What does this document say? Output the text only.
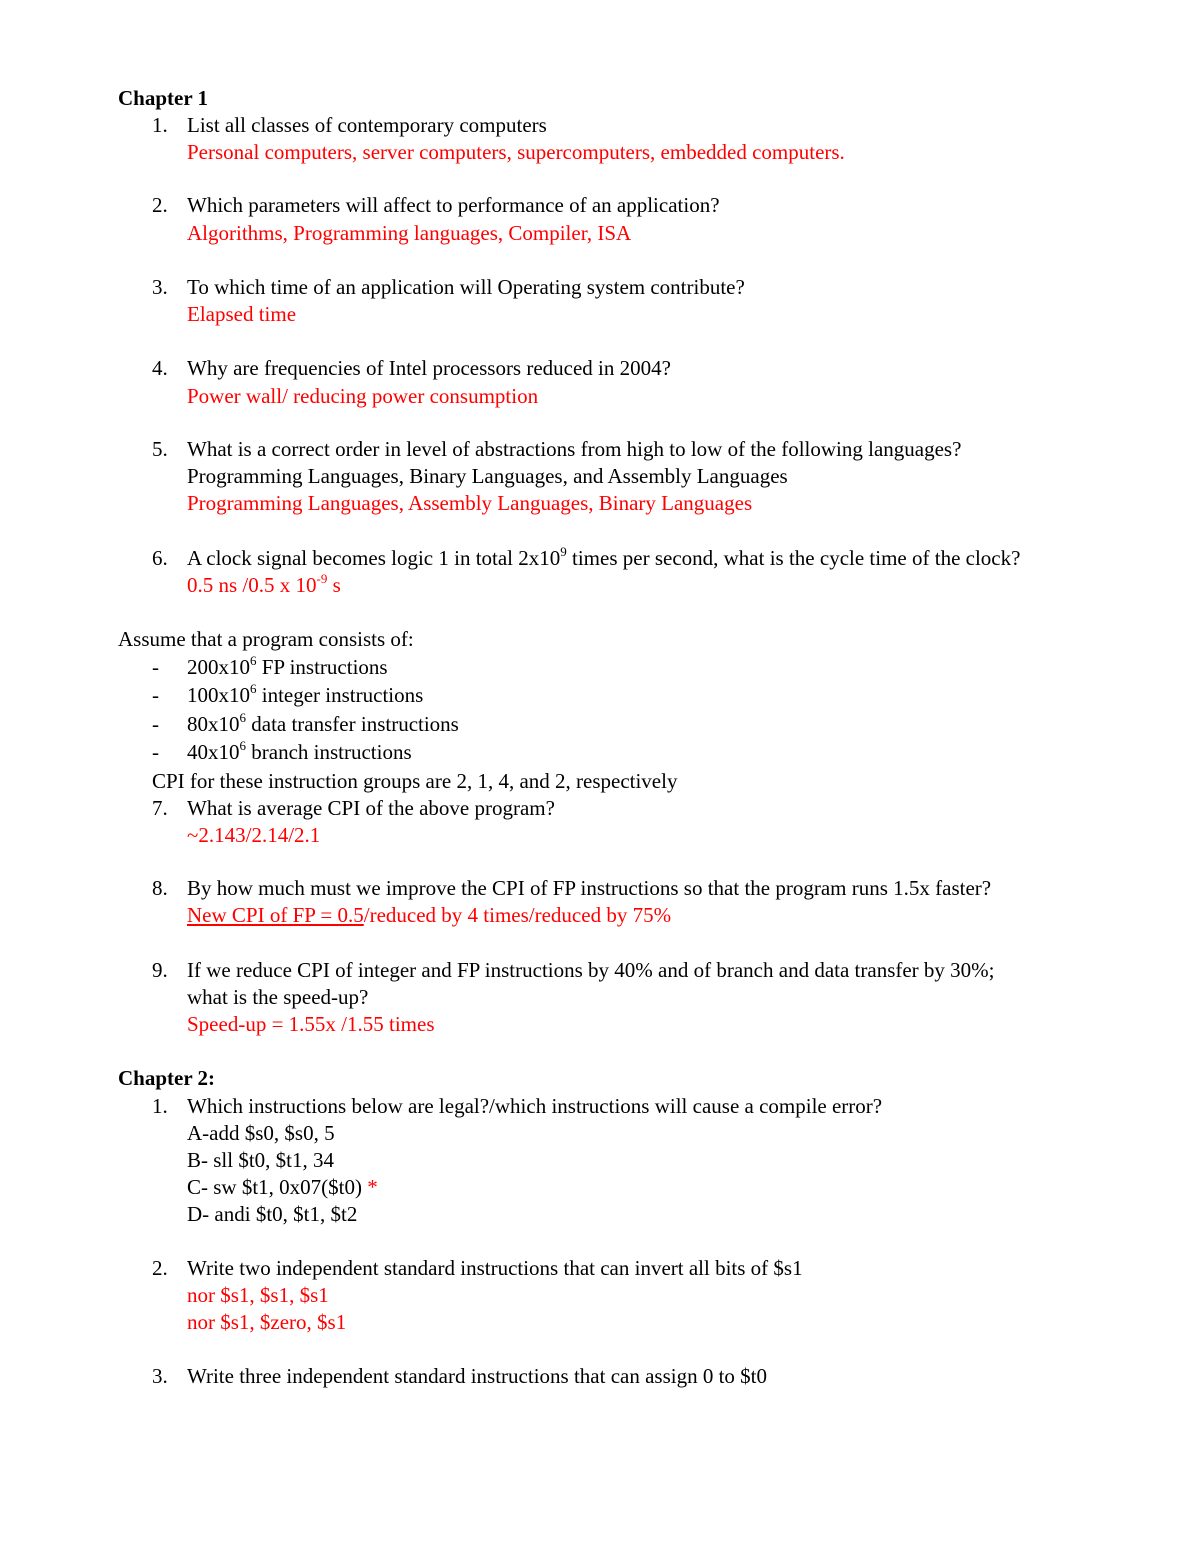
Chapter 1
1. List all classes of contemporary computers
Personal computers, server computers, supercomputers, embedded computers.
2. Which parameters will affect to performance of an application?
Algorithms, Programming languages, Compiler, ISA
3. To which time of an application will Operating system contribute?
Elapsed time
4. Why are frequencies of Intel processors reduced in 2004?
Power wall/ reducing power consumption
5. What is a correct order in level of abstractions from high to low of the following languages?
Programming Languages, Binary Languages, and Assembly Languages
Programming Languages, Assembly Languages, Binary Languages
6. A clock signal becomes logic 1 in total $2x10^9$ times per second, what is the cycle time of the clock?
0.5 ns /0.5 x $10^{-9}$ s
Assume that a program consists of:
- $200x10^6$ FP instructions
- $100x10^6$ integer instructions
- $80x10^6$ data transfer instructions
- $40x10^6$ branch instructions
CPI for these instruction groups are 2, 1, 4, and 2, respectively
7. What is average CPI of the above program?
~2.143/2.14/2.1
8. By how much must we improve the CPI of FP instructions so that the program runs 1.5x faster?
New CPI of FP = 0.5/reduced by 4 times/reduced by 75%
9. If we reduce CPI of integer and FP instructions by 40% and of branch and data transfer by 30%;
what is the speed-up?
Speed-up = 1.55x /1.55 times
Chapter 2:
1. Which instructions below are legal?/which instructions will cause a compile error?
A-add $s0, $s0, 5
B- sll $t0, $t1, 34
C- sw $t1, 0x07($t0) *
D- andi $t0, $t1, $t2
2. Write two independent standard instructions that can invert all bits of $s1
nor $s1, $s1, $s1
nor $s1, $zero, $s1
3. Write three independent standard instructions that can assign 0 to $t0
